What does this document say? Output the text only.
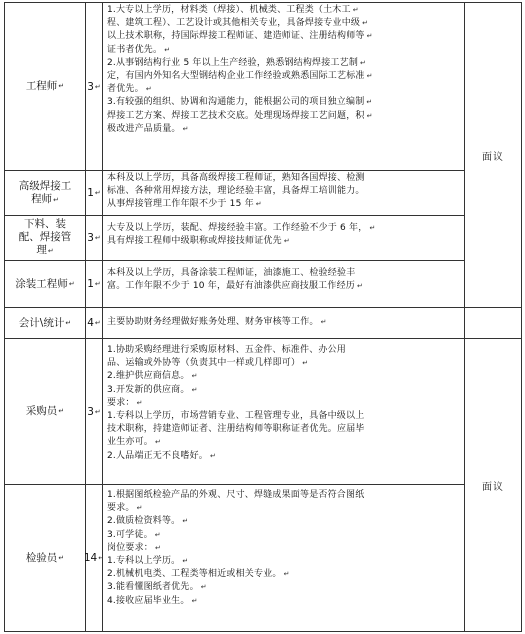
面议
面议
工程师 ↵ 3 ↵

1.大专以上学历，材料类（焊接）、机械类、工程类（土木工 ↵

程、建筑工程）、工艺设计或其他相关专业，具备焊接专业中级 ↵

以上技术职称，持国际焊接工程师证、建造师证、注册结构师等 ↵

证书者优先。 ↵

2.从事钢结构行业 5 年以上生产经验，熟悉钢结构焊接工艺制 ↵

定，有国内外知名大型钢结构企业工作经验或熟悉国际工艺标准 ↵

者优先。 ↵

3.有较强的组织、协调和沟通能力，能根据公司的项目独立编制 ↵

焊接工艺方案、焊接工艺技术交底。处理现场焊接工艺问题，积 ↵

极改进产品质量。 ↵

高级焊接工
程师↵
1 ↵

本科及以上学历，具备高级焊接工程师证，熟知各国焊接、检测

标准、各种常用焊接方法，理论经验丰富，具备焊工培训能力。

从事焊接管理工作年限不少于 15 年 ↵

下料、装
配、焊接管
理↵
3 ↵

大专及以上学历，装配、焊接经验丰富。工作经验不少于 6 年， ↵

具有焊接工程师中级职称或焊接技师证优先 ↵

涂装工程师 ↵ 1 ↵

本科及以上学历，具备涂装工程师证，油漆施工、检验经验丰

富。工作年限不少于 10 年，最好有油漆供应商技服工作经历 ↵

会计\统计 ↵ 4 ↵ 主要协助财务经理做好账务处理、财务审核等工作。 ↵

采购员 ↵ 3 ↵

1.协助采购经理进行采购原材料、五金件、标准件、办公用

品、运输或外协等（负责其中一样或几样即可） ↵

2.维护供应商信息。 ↵

3.开发新的供应商。 ↵

要求： ↵

1.专科以上学历，市场营销专业、工程管理专业，具备中级以上

技术职称，持建造师证者、注册结构师等职称证者优先。应届毕

业生亦可。 ↵

2.人品端正无不良嗜好。 ↵

检验员 ↵ 14 ↵

1.根据图纸检验产品的外观、尺寸、焊缝成果面等是否符合图纸

要求。 ↵

2.做质检资料等。 ↵

3.可学徒。 ↵

岗位要求： ↵

1.专科以上学历。 ↵

2.机械机电类、工程类等相近或相关专业。 ↵

3.能看懂图纸者优先。 ↵

4.接收应届毕业生。 ↵
